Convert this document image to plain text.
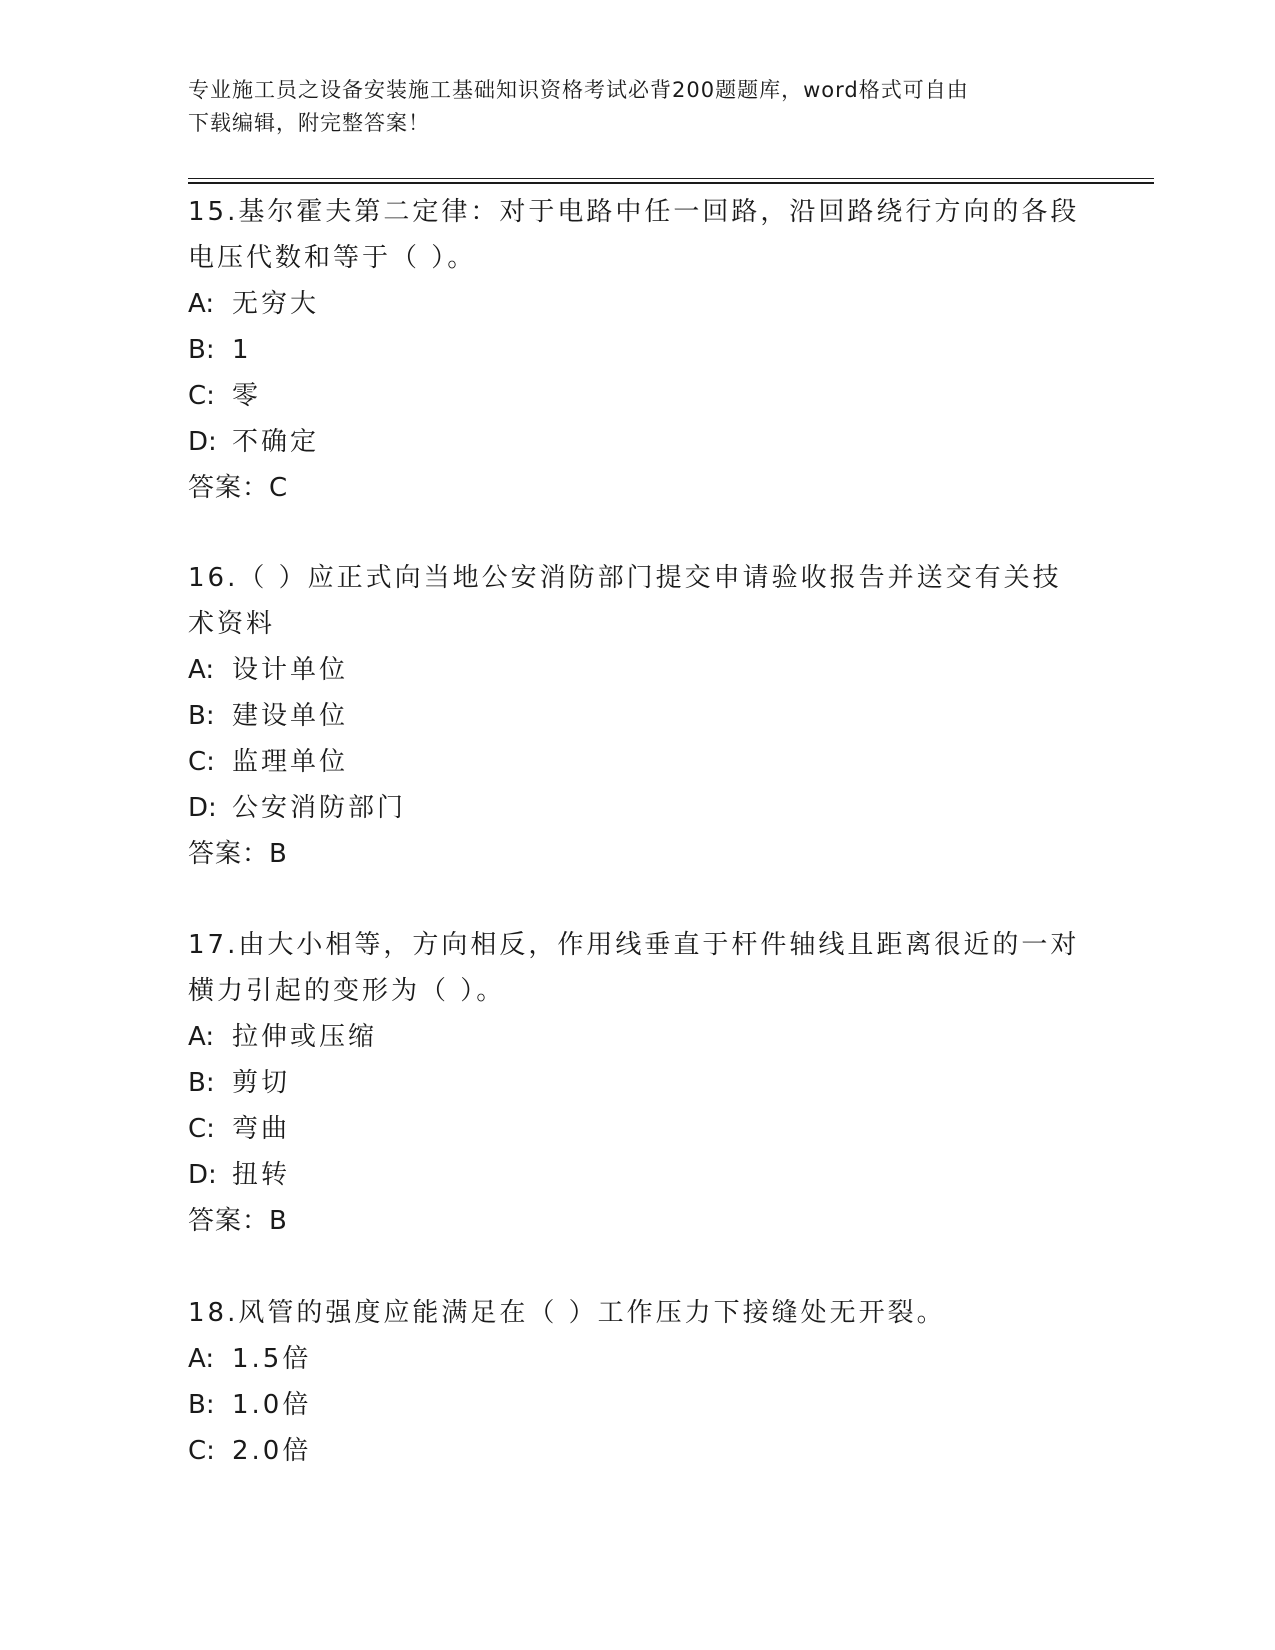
专业施工员之设备安装施工基础知识资格考试必背200题题库，word格式可自由
下载编辑，附完整答案！
15.基尔霍夫第二定律：对于电路中任一回路，沿回路绕行方向的各段
电压代数和等于（ ）。
A: 无穷大
B: 1
C: 零
D: 不确定
答案：C
16.（ ）应正式向当地公安消防部门提交申请验收报告并送交有关技
术资料
A: 设计单位
B: 建设单位
C: 监理单位
D: 公安消防部门
答案：B
17.由大小相等，方向相反，作用线垂直于杆件轴线且距离很近的一对
横力引起的变形为（ ）。
A: 拉伸或压缩
B: 剪切
C: 弯曲
D: 扭转
答案：B
18.风管的强度应能满足在（ ）工作压力下接缝处无开裂。
A: 1.5倍
B: 1.0倍
C: 2.0倍
